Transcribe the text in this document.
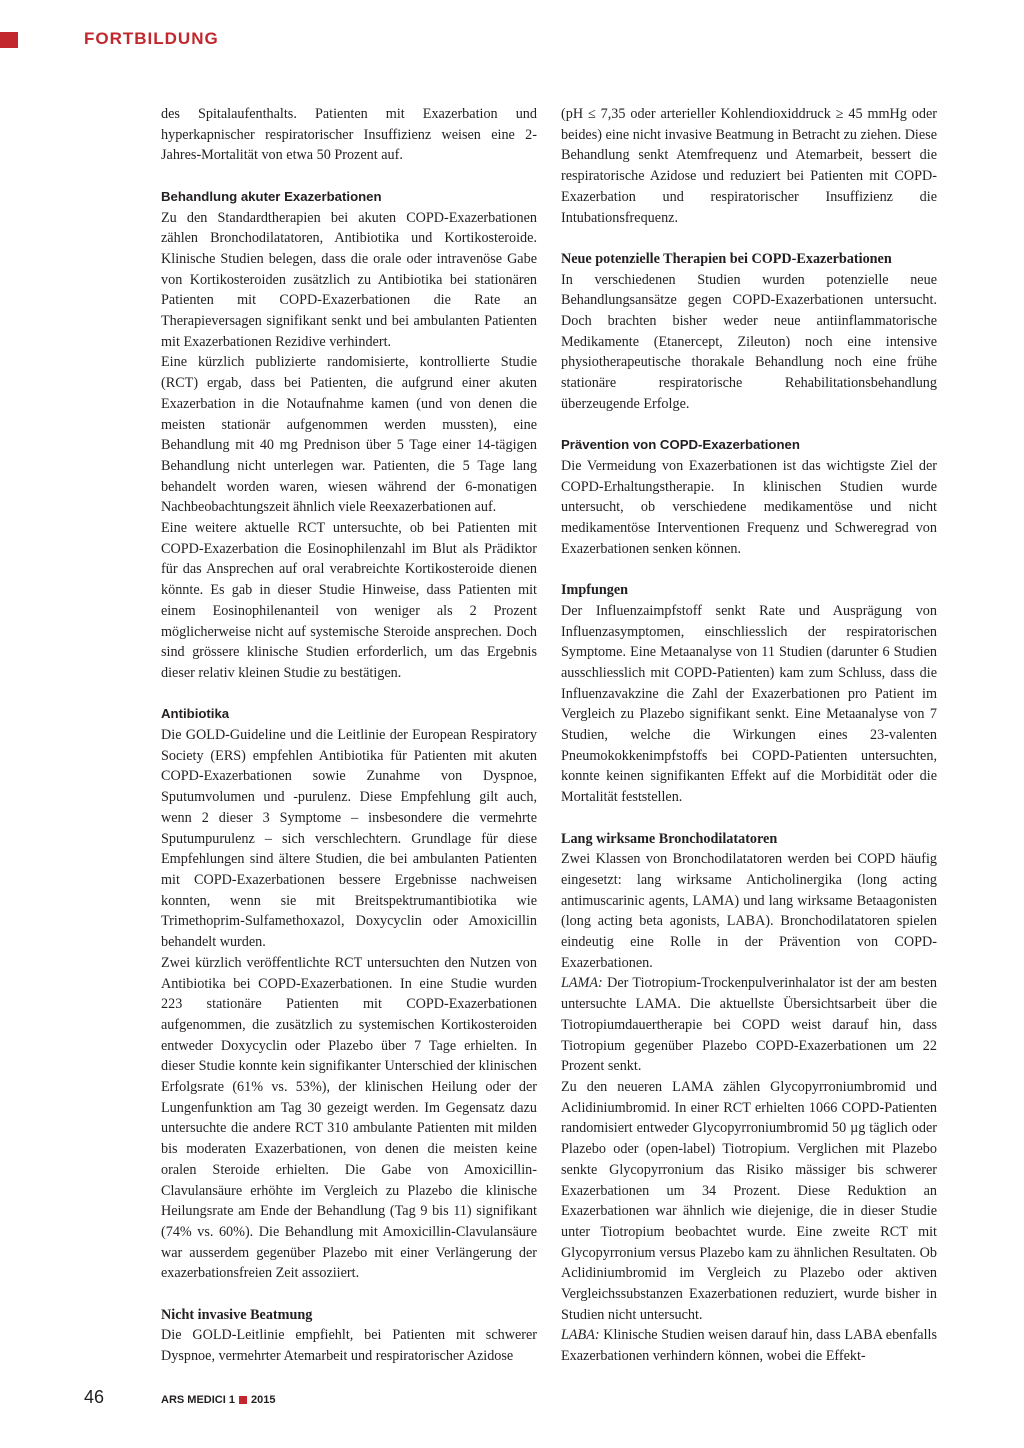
FORTBILDUNG

des Spitalaufenthalts. Patienten mit Exazerbation und hyperkapnischer respiratorischer Insuffizienz weisen eine 2-Jahres-Mortalität von etwa 50 Prozent auf.

Behandlung akuter Exazerbationen

Zu den Standardtherapien bei akuten COPD-Exazerbationen zählen Bronchodilatatoren, Antibiotika und Kortikosteroide. Klinische Studien belegen, dass die orale oder intravenöse Gabe von Kortikosteroiden zusätzlich zu Antibiotika bei stationären Patienten mit COPD-Exazerbationen die Rate an Therapieversagen signifikant senkt und bei ambulanten Patienten mit Exazerbationen Rezidive verhindert.

Eine kürzlich publizierte randomisierte, kontrollierte Studie (RCT) ergab, dass bei Patienten, die aufgrund einer akuten Exazerbation in die Notaufnahme kamen (und von denen die meisten stationär aufgenommen werden mussten), eine Behandlung mit 40 mg Prednison über 5 Tage einer 14-tägigen Behandlung nicht unterlegen war. Patienten, die 5 Tage lang behandelt worden waren, wiesen während der 6-monatigen Nachbeobachtungszeit ähnlich viele Reexazerbationen auf.

Eine weitere aktuelle RCT untersuchte, ob bei Patienten mit COPD-Exazerbation die Eosinophilenzahl im Blut als Prädiktor für das Ansprechen auf oral verabreichte Kortikosteroide dienen könnte. Es gab in dieser Studie Hinweise, dass Patienten mit einem Eosinophilenanteil von weniger als 2 Prozent möglicherweise nicht auf systemische Steroide ansprechen. Doch sind grössere klinische Studien erforderlich, um das Ergebnis dieser relativ kleinen Studie zu bestätigen.

Antibiotika

Die GOLD-Guideline und die Leitlinie der European Respiratory Society (ERS) empfehlen Antibiotika für Patienten mit akuten COPD-Exazerbationen sowie Zunahme von Dyspnoe, Sputumvolumen und -purulenz. Diese Empfehlung gilt auch, wenn 2 dieser 3 Symptome – insbesondere die vermehrte Sputumpurulenz – sich verschlechtern. Grundlage für diese Empfehlungen sind ältere Studien, die bei ambulanten Patienten mit COPD-Exazerbationen bessere Ergebnisse nachweisen konnten, wenn sie mit Breitspektrumantibiotika wie Trimethoprim-Sulfamethoxazol, Doxycyclin oder Amoxicillin behandelt wurden.

Zwei kürzlich veröffentlichte RCT untersuchten den Nutzen von Antibiotika bei COPD-Exazerbationen. In eine Studie wurden 223 stationäre Patienten mit COPD-Exazerbationen aufgenommen, die zusätzlich zu systemischen Kortikosteroiden entweder Doxycyclin oder Plazebo über 7 Tage erhielten. In dieser Studie konnte kein signifikanter Unterschied der klinischen Erfolgsrate (61% vs. 53%), der klinischen Heilung oder der Lungenfunktion am Tag 30 gezeigt werden. Im Gegensatz dazu untersuchte die andere RCT 310 ambulante Patienten mit milden bis moderaten Exazerbationen, von denen die meisten keine oralen Steroide erhielten. Die Gabe von Amoxicillin-Clavulansäure erhöhte im Vergleich zu Plazebo die klinische Heilungsrate am Ende der Behandlung (Tag 9 bis 11) signifikant (74% vs. 60%). Die Behandlung mit Amoxicillin-Clavulansäure war ausserdem gegenüber Plazebo mit einer Verlängerung der exazerbationsfreien Zeit assoziiert.

Nicht invasive Beatmung

Die GOLD-Leitlinie empfiehlt, bei Patienten mit schwerer Dyspnoe, vermehrter Atemarbeit und respiratorischer Azidose

(pH ≤ 7,35 oder arterieller Kohlendioxiddruck ≥ 45 mmHg oder beides) eine nicht invasive Beatmung in Betracht zu ziehen. Diese Behandlung senkt Atemfrequenz und Atemarbeit, bessert die respiratorische Azidose und reduziert bei Patienten mit COPD-Exazerbation und respiratorischer Insuffizienz die Intubationsfrequenz.

Neue potenzielle Therapien bei COPD-Exazerbationen

In verschiedenen Studien wurden potenzielle neue Behandlungsansätze gegen COPD-Exazerbationen untersucht. Doch brachten bisher weder neue antiinflammatorische Medikamente (Etanercept, Zileuton) noch eine intensive physiotherapeutische thorakale Behandlung noch eine frühe stationäre respiratorische Rehabilitationsbehandlung überzeugende Erfolge.

Prävention von COPD-Exazerbationen

Die Vermeidung von Exazerbationen ist das wichtigste Ziel der COPD-Erhaltungstherapie. In klinischen Studien wurde untersucht, ob verschiedene medikamentöse und nicht medikamentöse Interventionen Frequenz und Schweregrad von Exazerbationen senken können.

Impfungen

Der Influenzaimpfstoff senkt Rate und Ausprägung von Influenzasymptomen, einschliesslich der respiratorischen Symptome. Eine Metaanalyse von 11 Studien (darunter 6 Studien ausschliesslich mit COPD-Patienten) kam zum Schluss, dass die Influenzavakzine die Zahl der Exazerbationen pro Patient im Vergleich zu Plazebo signifikant senkt. Eine Metaanalyse von 7 Studien, welche die Wirkungen eines 23-valenten Pneumokokkenimpfstoffs bei COPD-Patienten untersuchten, konnte keinen signifikanten Effekt auf die Morbidität oder die Mortalität feststellen.

Lang wirksame Bronchodilatatoren

Zwei Klassen von Bronchodilatatoren werden bei COPD häufig eingesetzt: lang wirksame Anticholinergika (long acting antimuscarinic agents, LAMA) und lang wirksame Betaagonisten (long acting beta agonists, LABA). Bronchodilatatoren spielen eindeutig eine Rolle in der Prävention von COPD-Exazerbationen.

LAMA: Der Tiotropium-Trockenpulverinhalator ist der am besten untersuchte LAMA. Die aktuellste Übersichtsarbeit über die Tiotropiumdauertherapie bei COPD weist darauf hin, dass Tiotropium gegenüber Plazebo COPD-Exazerbationen um 22 Prozent senkt.

Zu den neueren LAMA zählen Glycopyrroniumbromid und Aclidiniumbromid. In einer RCT erhielten 1066 COPD-Patienten randomisiert entweder Glycopyrroniumbromid 50 µg täglich oder Plazebo oder (open-label) Tiotropium. Verglichen mit Plazebo senkte Glycopyrronium das Risiko mässiger bis schwerer Exazerbationen um 34 Prozent. Diese Reduktion an Exazerbationen war ähnlich wie diejenige, die in dieser Studie unter Tiotropium beobachtet wurde. Eine zweite RCT mit Glycopyrronium versus Plazebo kam zu ähnlichen Resultaten. Ob Aclidiniumbromid im Vergleich zu Plazebo oder aktiven Vergleichssubstanzen Exazerbationen reduziert, wurde bisher in Studien nicht untersucht.

LABA: Klinische Studien weisen darauf hin, dass LABA ebenfalls Exazerbationen verhindern können, wobei die Effekt-

46	ARS MEDICI 1 2015
